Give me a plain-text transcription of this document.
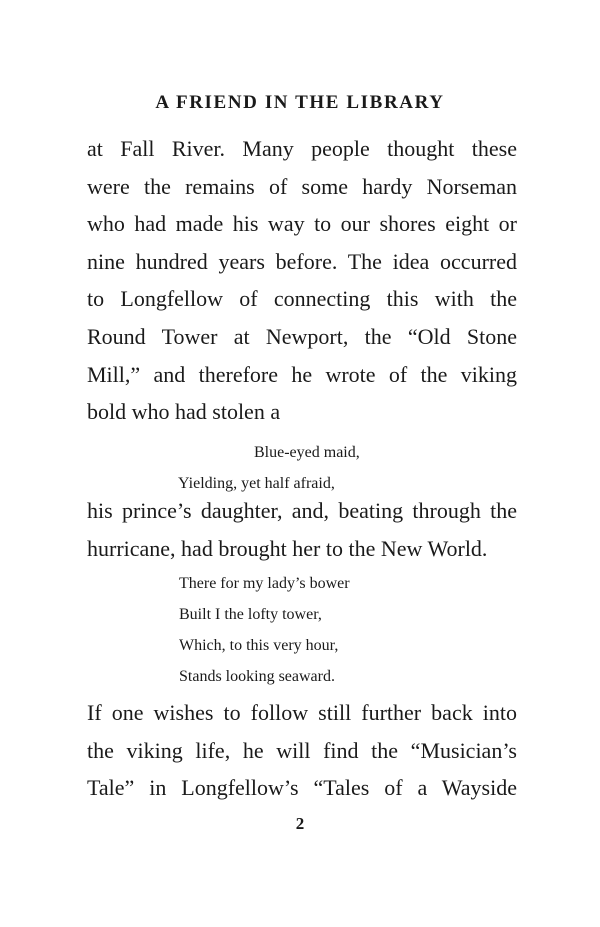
A FRIEND IN THE LIBRARY
at Fall River. Many people thought these
were the remains of some hardy Norseman
who had made his way to our shores eight or
nine hundred years before. The idea occurred
to Longfellow of connecting this with the
Round Tower at Newport, the “Old Stone
Mill,” and therefore he wrote of the viking
bold who had stolen a
Blue-eyed maid,
Yielding, yet half afraid,
his prince’s daughter, and, beating through the
hurricane, had brought her to the New World.
There for my lady’s bower
Built I the lofty tower,
Which, to this very hour,
Stands looking seaward.
If one wishes to follow still further back into
the viking life, he will find the “Musician’s
Tale” in Longfellow’s “Tales of a Wayside
2
